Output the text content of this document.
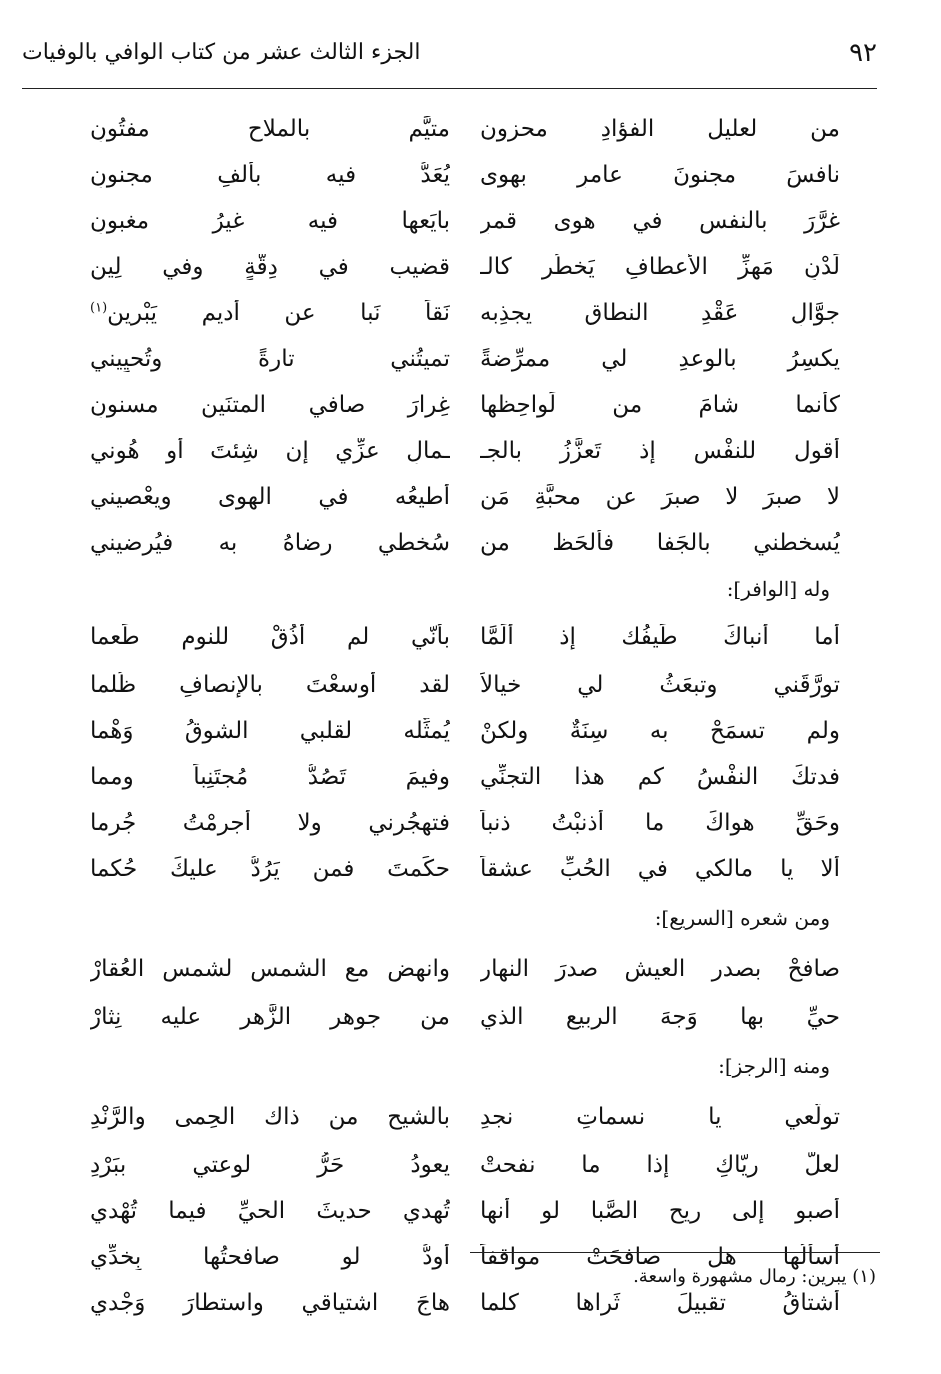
٩٢
الجزء الثالث عشر من كتاب الوافي بالوفيات
من لعليل الفؤادِ محزون
متيَّم بالملاحِ مفتُونِ
نافسَ مجنونَ عامرٍ بهوى
يُعَدُّ فيه بألفِ مجنونِ
غرَّرَ بالنفسِ في هوى قمرٍ
بايَعها فيه غيرُ مغبونِ
لَدْنٍ مَهزِّ الأعطافِ يَخطُر كالـ
قضيب في دِقَّةٍ وفي لِينِ
جوَّالِ عَقْدِ النطاقِ يجذِبه
نَقاً نَبا عن أديمِ يَبْرِينِ$^{(١)}$
يكسِرُ بالوعدِ لي ممرِّضةً
تميتُني تارةً وتُحيِيني
كأنما شامَ من لَواحِظها
غِرارَ صافي المتنَينِ مسنونِ
أقول للنفْسِ إذ تَعزَّزُ بالجـ
ـمالِ عزِّي إن شِئتَ أو هُوني
لا صبرَ لا صبرَ عن محبَّةِ مَن
أُطيعُه في الهوى ويعْصيني
يُسخطني بالجَفا فألحَظ من
سُخطي رضاهُ به فيُرضيني
وله [الوافر]:
أما أنباكَ طَيفُك إذ ألَمَّا
بأنّي لم أذُقْ للنومِ طَعما
تورَّقَني وتبعَثُ لي خيالاً
لقد أوسعْتَ بالإنصافِ ظُلما
ولم تسمَحْ به سِنَةٌ ولكنْ
يُمثِّله لقلبي الشوقُ وَهْما
فدتكَ النفْسُ كم هذا التجنِّي
وفيمَ تَصُدُّ مُجتَنِباً ومما
وحَقِّ هواكَ ما أذنبْتُ ذنباً
فتهجُرني ولا أجرمْتُ جُرما
ألا يا مالكي في الحُبِّ عشقاً
حكَمتَ فمن يَرُدُّ عليكَ حُكما
ومن شعره [السريع]:
صافحْ بصدرِ العيشِ صدرَ النهار
وانهض مع الشمسِ لشمسِ العُقارْ
حيِّ بها وَجهَ الربيعِ الذي
من جوهرِ الزَّهرِ عليه نِثارْ
ومنه [الرجز]:
تولَّعي يا نسماتِ نجدِ
بالشيحِ من ذاك الحِمى والرَّنْدِ
لعلَّ ريّاكِ إذا ما نفحتْ
يعودُ حَرُّ لوعتي ببَرْدِ
أصبو إلى ريحِ الصَّبا لو أنها
تُهدي حديثَ الحيِّ فيما تُهْدي
أسألُها هل صافحَتْ مواقفاً
أودُّ لو صافحتُها بِخدِّي
أشتاقُ تقبيلَ ثَراها كلما
هاجَ اشتياقي واستطارَ وَجْدي
(١) يبرين: رمال مشهورة واسعة.
